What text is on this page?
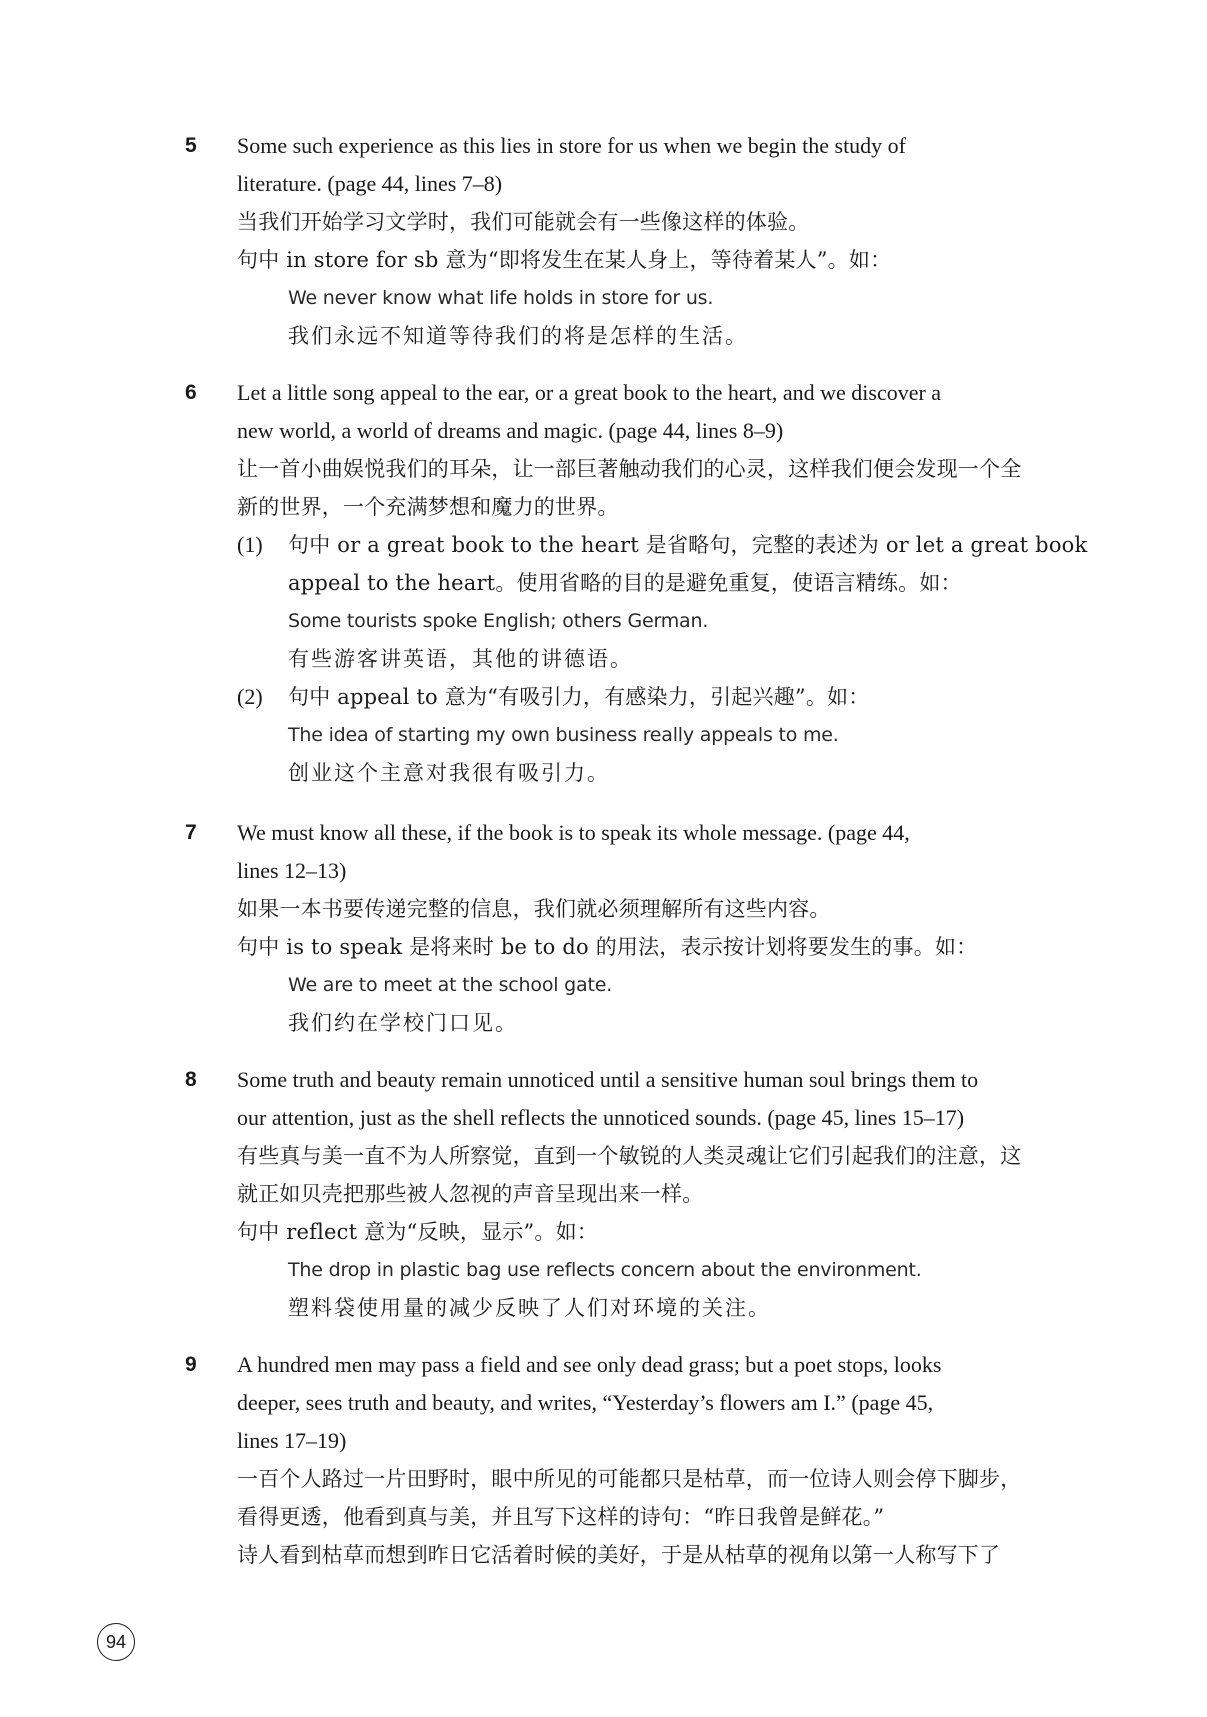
5 Some such experience as this lies in store for us when we begin the study of
literature. (page 44, lines 7–8)
当我们开始学习文学时，我们可能就会有一些像这样的体验。
句中 in store for sb 意为“即将发生在某人身上，等待着某人”。如：
We never know what life holds in store for us.
我们永远不知道等待我们的将是怎样的生活。
6 Let a little song appeal to the ear, or a great book to the heart, and we discover a
new world, a world of dreams and magic. (page 44, lines 8–9)
让一首小曲娱悦我们的耳朵，让一部巨著触动我们的心灵，这样我们便会发现一个全
新的世界，一个充满梦想和魔力的世界。
(1) 句中 or a great book to the heart 是省略句，完整的表述为 or let a great book
appeal to the heart。使用省略的目的是避免重复，使语言精练。如：
Some tourists spoke English; others German.
有些游客讲英语，其他的讲德语。
(2) 句中 appeal to 意为“有吸引力，有感染力，引起兴趣”。如：
The idea of starting my own business really appeals to me.
创业这个主意对我很有吸引力。
7 We must know all these, if the book is to speak its whole message. (page 44,
lines 12–13)
如果一本书要传递完整的信息，我们就必须理解所有这些内容。
句中 is to speak 是将来时 be to do 的用法，表示按计划将要发生的事。如：
We are to meet at the school gate.
我们约在学校门口见。
8 Some truth and beauty remain unnoticed until a sensitive human soul brings them to
our attention, just as the shell reflects the unnoticed sounds. (page 45, lines 15–17)
有些真与美一直不为人所察觉，直到一个敏锐的人类灵魂让它们引起我们的注意，这
就正如贝壳把那些被人忽视的声音呈现出来一样。
句中 reflect 意为“反映，显示”。如：
The drop in plastic bag use reflects concern about the environment.
塑料袋使用量的减少反映了人们对环境的关注。
9 A hundred men may pass a field and see only dead grass; but a poet stops, looks
deeper, sees truth and beauty, and writes, “Yesterday’s flowers am I.” (page 45,
lines 17–19)
一百个人路过一片田野时，眼中所见的可能都只是枯草，而一位诗人则会停下脚步，
看得更透，他看到真与美，并且写下这样的诗句：“昨日我曾是鲜花。”
诗人看到枯草而想到昨日它活着时候的美好，于是从枯草的视角以第一人称写下了
94
